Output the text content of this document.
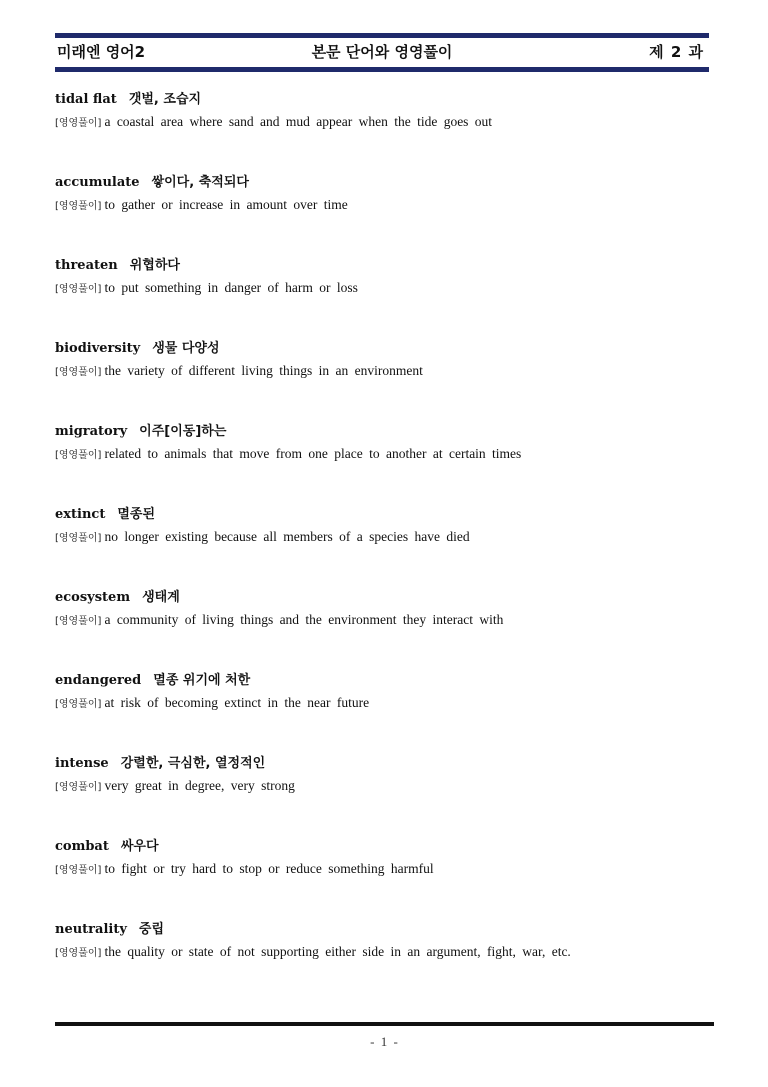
미래엔 영어2	본문 단어와 영영풀이	제 2 과
tidal flat 갯벌, 조습지
[영영풀이] a coastal area where sand and mud appear when the tide goes out
accumulate 쌓이다, 축적되다
[영영풀이] to gather or increase in amount over time
threaten 위협하다
[영영풀이] to put something in danger of harm or loss
biodiversity 생물 다양성
[영영풀이] the variety of different living things in an environment
migratory 이주[이동]하는
[영영풀이] related to animals that move from one place to another at certain times
extinct 멸종된
[영영풀이] no longer existing because all members of a species have died
ecosystem 생태계
[영영풀이] a community of living things and the environment they interact with
endangered 멸종 위기에 처한
[영영풀이] at risk of becoming extinct in the near future
intense 강렬한, 극심한, 열정적인
[영영풀이] very great in degree, very strong
combat 싸우다
[영영풀이] to fight or try hard to stop or reduce something harmful
neutrality 중립
[영영풀이] the quality or state of not supporting either side in an argument, fight, war, etc.
- 1 -
